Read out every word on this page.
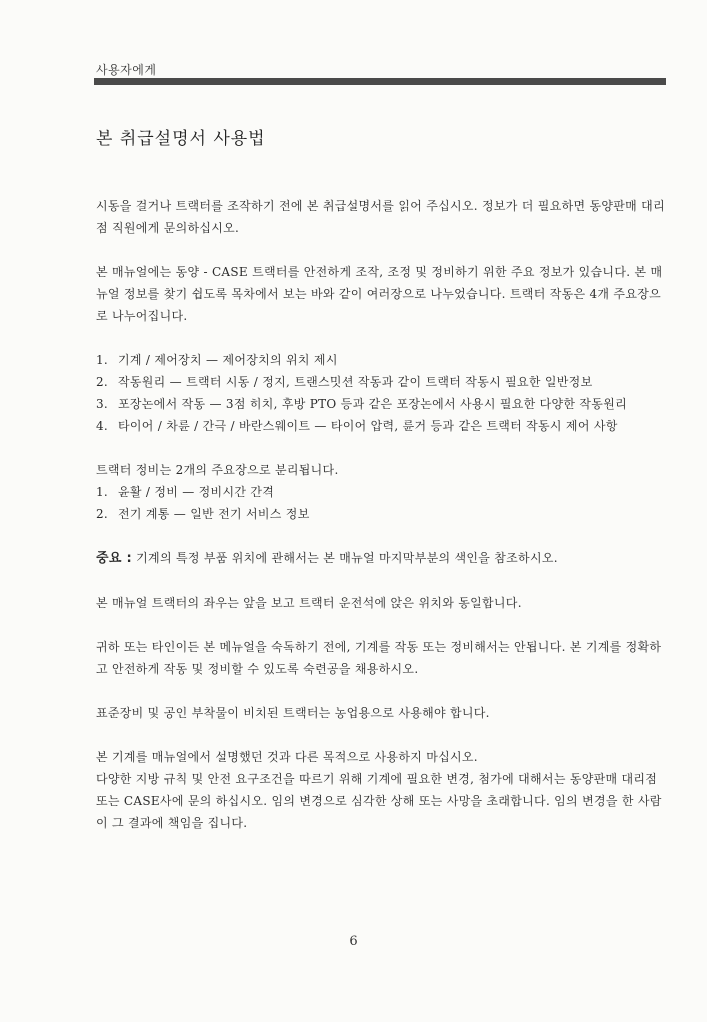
사용자에게
본 취급설명서 사용법

시동을 걸거나 트랙터를 조작하기 전에 본 취급설명서를 읽어 주십시오. 정보가 더 필요하면 동양판매 대리점 직원에게 문의하십시오.

본 매뉴얼에는 동양 - CASE 트랙터를 안전하게 조작, 조정 및 정비하기 위한 주요 정보가 있습니다. 본 매뉴얼 정보를 찾기 쉽도록 목차에서 보는 바와 같이 여러장으로 나누었습니다. 트랙터 작동은 4개 주요장으로 나누어집니다.

1. 기계 / 제어장치 — 제어장치의 위치 제시
2. 작동원리 — 트랙터 시동 / 정지, 트랜스밋션 작동과 같이 트랙터 작동시 필요한 일반정보
3. 포장논에서 작동 — 3점 히치, 후방 PTO 등과 같은 포장논에서 사용시 필요한 다양한 작동원리
4. 타이어 / 차륜 / 간극 / 바란스웨이트 — 타이어 압력, 륜거 등과 같은 트랙터 작동시 제어 사항

트랙터 정비는 2개의 주요장으로 분리됩니다.

1. 윤활 / 정비 — 정비시간 간격
2. 전기 계통 — 일반 전기 서비스 정보

중요 : 기계의 특정 부품 위치에 관해서는 본 매뉴얼 마지막부분의 색인을 참조하시오.

본 매뉴얼 트랙터의 좌우는 앞을 보고 트랙터 운전석에 앉은 위치와 동일합니다.

귀하 또는 타인이든 본 메뉴얼을 숙독하기 전에, 기계를 작동 또는 정비해서는 안됩니다. 본 기계를 정확하고 안전하게 작동 및 정비할 수 있도록 숙련공을 채용하시오.

표준장비 및 공인 부착물이 비치된 트랙터는 농업용으로 사용해야 합니다.

본 기계를 매뉴얼에서 설명했던 것과 다른 목적으로 사용하지 마십시오.

다양한 지방 규칙 및 안전 요구조건을 따르기 위해 기계에 필요한 변경, 첨가에 대해서는 동양판매 대리점 또는 CASE사에 문의 하십시오. 임의 변경으로 심각한 상해 또는 사망을 초래합니다. 임의 변경을 한 사람이 그 결과에 책임을 집니다.

6
